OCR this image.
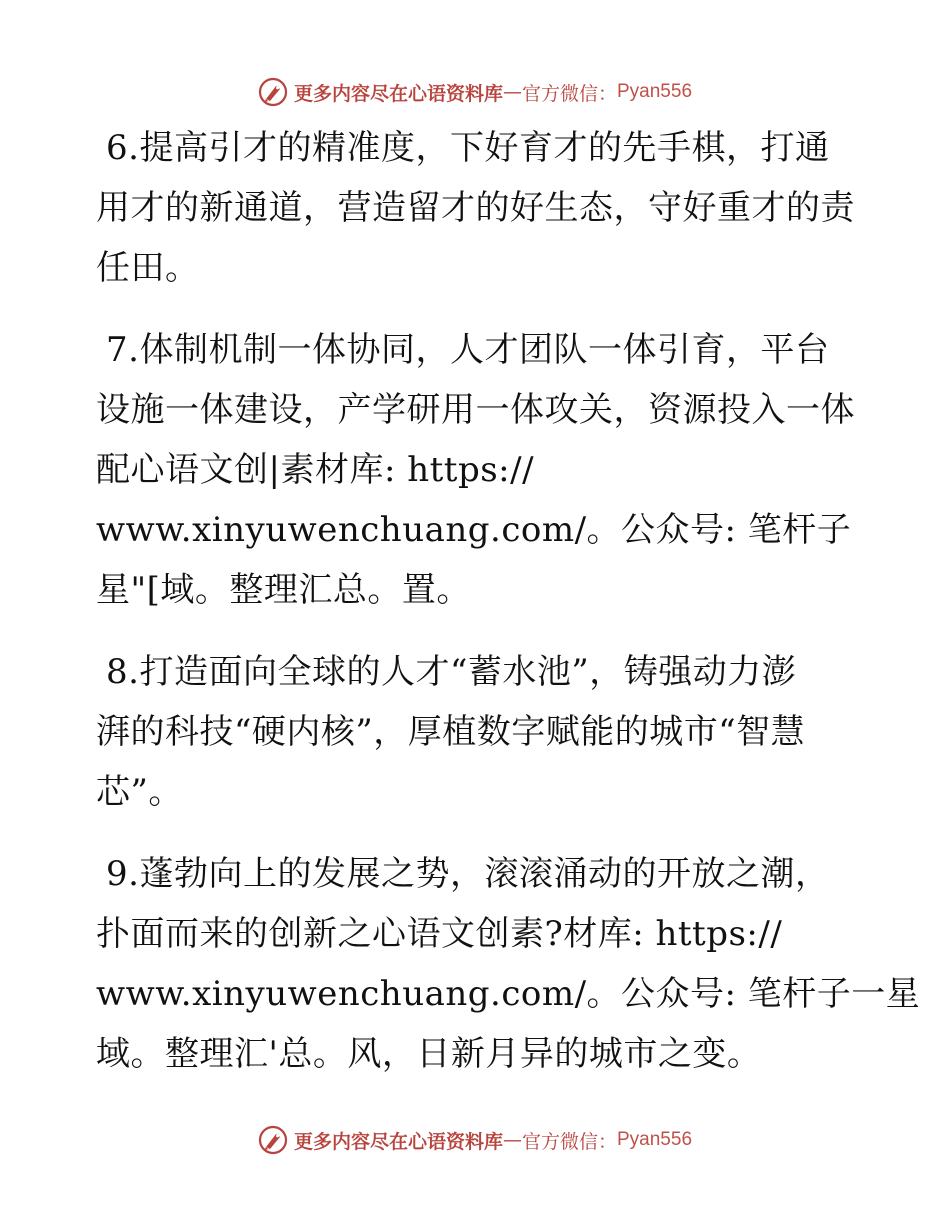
更多内容尽在心语资料库 — 官方微信： Pyan556
6.提高引才的精准度，下好育才的先手棋，打通
用才的新通道，营造留才的好生态，守好重才的责
任田。
7.体制机制一体协同，人才团队一体引育，平台
设施一体建设，产学研用一体攻关，资源投入一体
配心语文创|素材库: https://
www.xinyuwenchuang.com/。公众号: 笔杆子
星"[域。整理汇总。置。
8.打造面向全球的人才“蓄水池”，铸强动力澎
湃的科技“硬内核”，厚植数字赋能的城市“智慧
芯”。
9.蓬勃向上的发展之势，滚滚涌动的开放之潮，
扑面而来的创新之心语文创素?材库: https://
www.xinyuwenchuang.com/。公众号: 笔杆子一星
域。整理汇'总。风，日新月异的城市之变。
更多内容尽在心语资料库 — 官方微信： Pyan556
